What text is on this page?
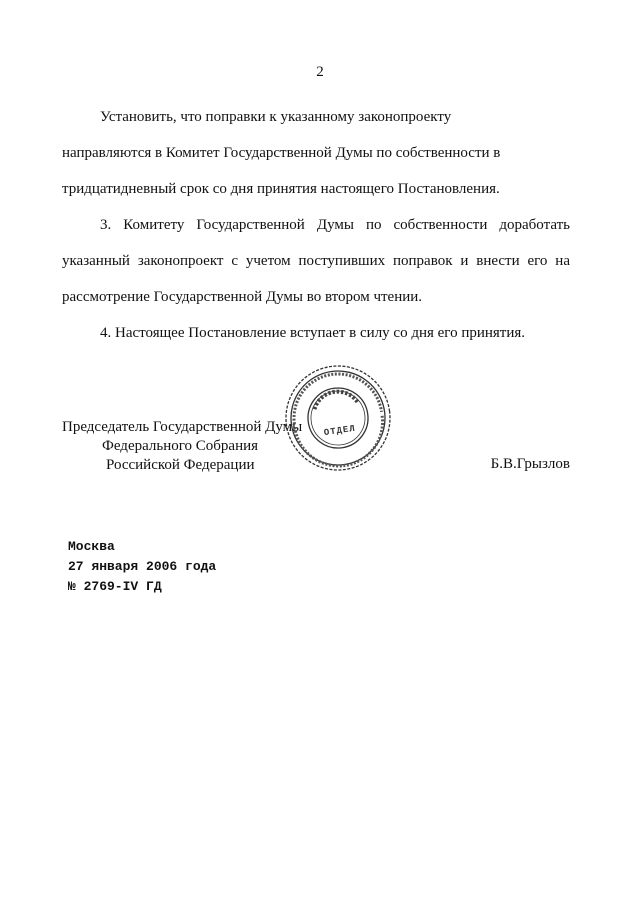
2

Установить, что поправки к указанному законопроекту

направляются в Комитет Государственной Думы по собственности в

тридцатидневный срок со дня принятия настоящего Постановления.

3. Комитету Государственной Думы по собственности доработать указанный законопроект с учетом поступивших поправок и внести его на рассмотрение Государственной Думы во втором чтении.

4. Настоящее Постановление вступает в силу со дня его принятия.

Председатель Государственной Думы
Федерального Собрания
Российской Федерации
ОТДЕЛ
Б.В.Грызлов
Москва
27 января 2006 года
№ 2769-IV ГД
